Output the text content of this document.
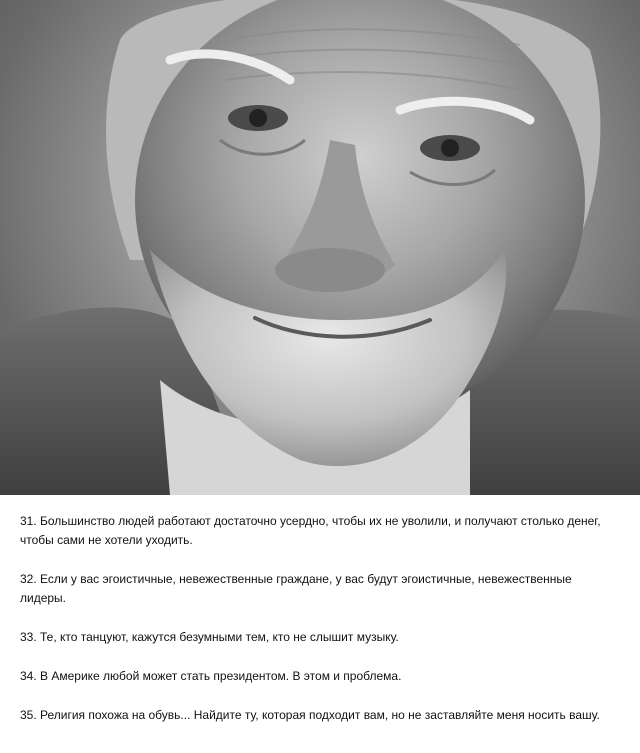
31. Большинство людей работают достаточно усердно, чтобы их не уволили, и получают столько денег, чтобы сами не хотели уходить.

32. Если у вас эгоистичные, невежественные граждане, у вас будут эгоистичные, невежественные лидеры.

33. Те, кто танцуют, кажутся безумными тем, кто не слышит музыку.

34. В Америке любой может стать президентом. В этом и проблема.

35. Религия похожа на обувь... Найдите ту, которая подходит вам, но не заставляйте меня носить вашу.
